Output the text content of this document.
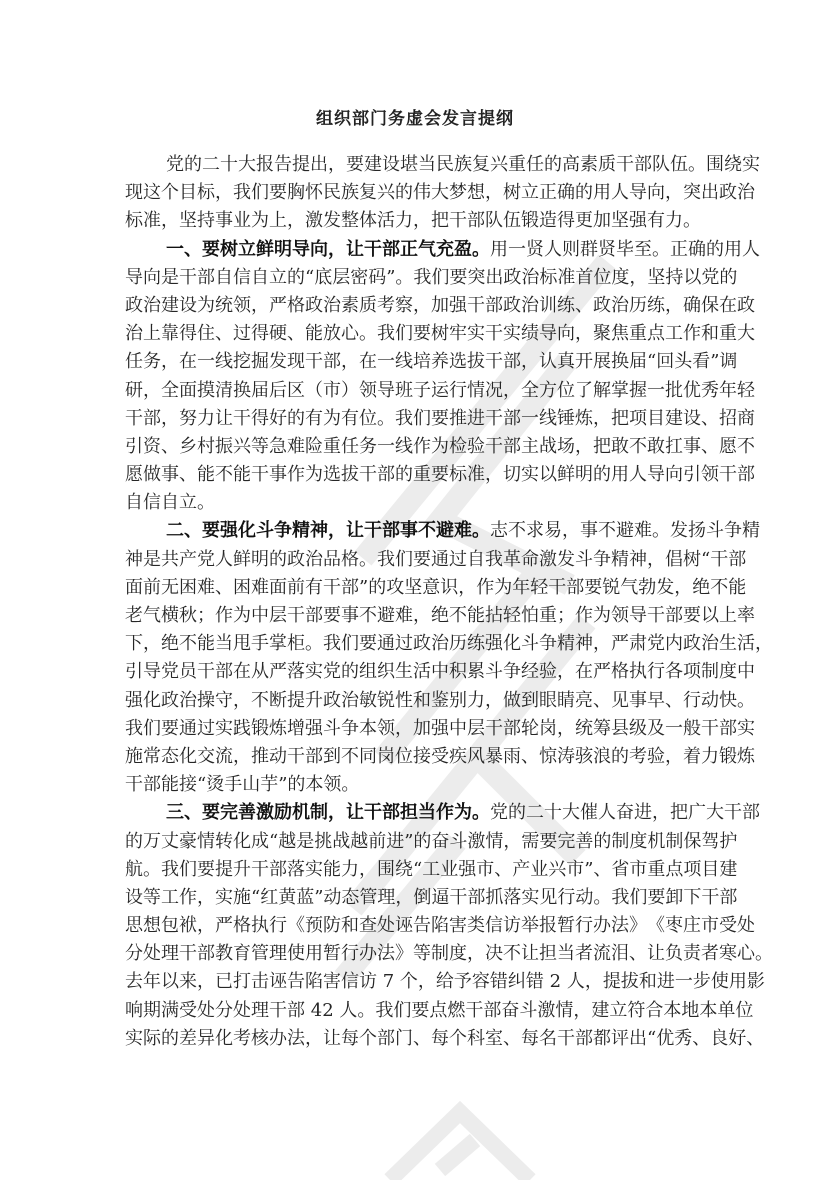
组织部门务虚会发言提纲
党 的 二 十 大 报 告 提 出 ， 要 建 设 堪 当 民 族 复 兴 重 任 的 高 素 质 干 部 队 伍 。 围 绕 实
现 这 个 目 标 ， 我 们 要 胸 怀 民 族 复 兴 的 伟 大 梦 想 ， 树 立 正 确 的 用 人 导 向 ， 突 出 政 治
标 准 ， 坚 持 事 业 为 上 ， 激 发 整 体 活 力 ， 把 干 部 队 伍 锻 造 得 更 加 坚 强 有 力 。
一 、 要 树 立 鲜 明 导 向 ， 让 干 部 正 气 充 盈 。 用 一 贤 人 则 群 贤 毕 至 。 正 确 的 用 人
导 向 是 干 部 自 信 自 立 的 “ 底 层 密 码 ” 。 我 们 要 突 出 政 治 标 准 首 位 度 ， 坚 持 以 党 的
政 治 建 设 为 统 领 ， 严 格 政 治 素 质 考 察 ， 加 强 干 部 政 治 训 练 、 政 治 历 练 ， 确 保 在 政
治 上 靠 得 住 、 过 得 硬 、 能 放 心 。 我 们 要 树 牢 实 干 实 绩 导 向 ， 聚 焦 重 点 工 作 和 重 大
任 务 ， 在 一 线 挖 掘 发 现 干 部 ， 在 一 线 培 养 选 拔 干 部 ， 认 真 开 展 换 届 “ 回 头 看 ” 调
研 ， 全 面 摸 清 换 届 后 区 （ 市 ） 领 导 班 子 运 行 情 况 ， 全 方 位 了 解 掌 握 一 批 优 秀 年 轻
干 部 ， 努 力 让 干 得 好 的 有 为 有 位 。 我 们 要 推 进 干 部 一 线 锤 炼 ， 把 项 目 建 设 、 招 商
引 资 、 乡 村 振 兴 等 急 难 险 重 任 务 一 线 作 为 检 验 干 部 主 战 场 ， 把 敢 不 敢 扛 事 、 愿 不
愿 做 事 、 能 不 能 干 事 作 为 选 拔 干 部 的 重 要 标 准 ， 切 实 以 鲜 明 的 用 人 导 向 引 领 干 部
自 信 自 立 。
二 、 要 强 化 斗 争 精 神 ， 让 干 部 事 不 避 难 。 志 不 求 易 ， 事 不 避 难 。 发 扬 斗 争 精
神 是 共 产 党 人 鲜 明 的 政 治 品 格 。 我 们 要 通 过 自 我 革 命 激 发 斗 争 精 神 ， 倡 树 “ 干 部
面 前 无 困 难 、 困 难 面 前 有 干 部 ” 的 攻 坚 意 识 ， 作 为 年 轻 干 部 要 锐 气 勃 发 ， 绝 不 能
老 气 横 秋 ； 作 为 中 层 干 部 要 事 不 避 难 ， 绝 不 能 拈 轻 怕 重 ； 作 为 领 导 干 部 要 以 上 率
下 ， 绝 不 能 当 甩 手 掌 柜 。 我 们 要 通 过 政 治 历 练 强 化 斗 争 精 神 ， 严 肃 党 内 政 治 生 活 ，
引 导 党 员 干 部 在 从 严 落 实 党 的 组 织 生 活 中 积 累 斗 争 经 验 ， 在 严 格 执 行 各 项 制 度 中
强 化 政 治 操 守 ， 不 断 提 升 政 治 敏 锐 性 和 鉴 别 力 ， 做 到 眼 睛 亮 、 见 事 早 、 行 动 快 。
我 们 要 通 过 实 践 锻 炼 增 强 斗 争 本 领 ， 加 强 中 层 干 部 轮 岗 ， 统 筹 县 级 及 一 般 干 部 实
施 常 态 化 交 流 ， 推 动 干 部 到 不 同 岗 位 接 受 疾 风 暴 雨 、 惊 涛 骇 浪 的 考 验 ， 着 力 锻 炼
干 部 能 接 “ 烫 手 山 芋 ” 的 本 领 。
三 、 要 完 善 激 励 机 制 ， 让 干 部 担 当 作 为 。 党 的 二 十 大 催 人 奋 进 ， 把 广 大 干 部
的 万 丈 豪 情 转 化 成 “ 越 是 挑 战 越 前 进 ” 的 奋 斗 激 情 ， 需 要 完 善 的 制 度 机 制 保 驾 护
航 。 我 们 要 提 升 干 部 落 实 能 力 ， 围 绕 “ 工 业 强 市 、 产 业 兴 市 ” 、 省 市 重 点 项 目 建
设 等 工 作 ， 实 施 “ 红 黄 蓝 ” 动 态 管 理 ， 倒 逼 干 部 抓 落 实 见 行 动 。 我 们 要 卸 下 干 部
思 想 包 袱 ， 严 格 执 行 《 预 防 和 查 处 诬 告 陷 害 类 信 访 举 报 暂 行 办 法 》 《 枣 庄 市 受 处
分 处 理 干 部 教 育 管 理 使 用 暂 行 办 法 》 等 制 度 ， 决 不 让 担 当 者 流 泪 、 让 负 责 者 寒 心 。
去 年 以 来 ， 已 打 击 诬 告 陷 害 信 访
7
个 ， 给 予 容 错 纠 错
2
人 ， 提 拔 和 进 一 步 使 用 影
响 期 满 受 处 分 处 理 干 部
4 2
人 。 我 们 要 点 燃 干 部 奋 斗 激 情 ， 建 立 符 合 本 地 本 单 位
实 际 的 差 异 化 考 核 办 法 ， 让 每 个 部 门 、 每 个 科 室 、 每 名 干 部 都 评 出 “ 优 秀 、 良 好 、
